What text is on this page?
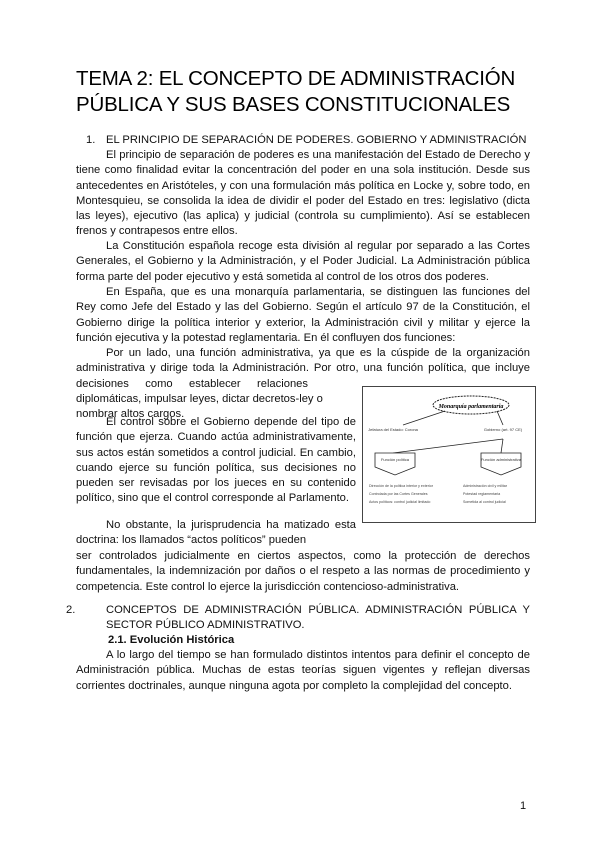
TEMA 2: EL CONCEPTO DE ADMINISTRACIÓN PÚBLICA Y SUS BASES CONSTITUCIONALES

1. EL PRINCIPIO DE SEPARACIÓN DE PODERES. GOBIERNO Y ADMINISTRACIÓN

El principio de separación de poderes es una manifestación del Estado de Derecho y tiene como finalidad evitar la concentración del poder en una sola institución. Desde sus antecedentes en Aristóteles, y con una formulación más política en Locke y, sobre todo, en Montesquieu, se consolida la idea de dividir el poder del Estado en tres: legislativo (dicta las leyes), ejecutivo (las aplica) y judicial (controla su cumplimiento). Así se establecen frenos y contrapesos entre ellos.

La Constitución española recoge esta división al regular por separado a las Cortes Generales, el Gobierno y la Administración, y el Poder Judicial. La Administración pública forma parte del poder ejecutivo y está sometida al control de los otros dos poderes.

En España, que es una monarquía parlamentaria, se distinguen las funciones del Rey como Jefe del Estado y las del Gobierno. Según el artículo 97 de la Constitución, el Gobierno dirige la política interior y exterior, la Administración civil y militar y ejerce la función ejecutiva y la potestad reglamentaria. En él confluyen dos funciones:

Por un lado, una función administrativa, ya que es la cúspide de la organización
administrativa y dirige toda la Administración. Por otro, una función política, que incluye
decisiones como establecer relaciones
diplomáticas, impulsar leyes, dictar decretos-ley o
nombrar altos cargos.

El control sobre el Gobierno depende del tipo de función que ejerza. Cuando actúa administrativamente, sus actos están sometidos a control judicial. En cambio, cuando ejerce su función política, sus decisiones no pueden ser revisadas por los jueces en su contenido político, sino que el control corresponde al Parlamento.

No obstante, la jurisprudencia ha matizado esta doctrina: los llamados “actos políticos” pueden

ser controlados judicialmente en ciertos aspectos, como la protección de derechos fundamentales, la indemnización por daños o el respeto a las normas de procedimiento y competencia. Este control lo ejerce la jurisdicción contencioso-administrativa.

Monarquía parlamentaria
Jefatura del Estado: Corona	Gobierno (art. 97 CE)
Función política	Función administrativa
Dirección de la política interior y exterior
Controlada por las Cortes Generales
Actos políticos: control judicial limitado
Administración civil y militar
Potestad reglamentaria
Sometida al control judicial

2.	CONCEPTOS DE ADMINISTRACIÓN PÚBLICA. ADMINISTRACIÓN PÚBLICA Y SECTOR PÚBLICO ADMINISTRATIVO.

2.1. Evolución Histórica

A lo largo del tiempo se han formulado distintos intentos para definir el concepto de Administración pública. Muchas de estas teorías siguen vigentes y reflejan diversas corrientes doctrinales, aunque ninguna agota por completo la complejidad del concepto.

1
